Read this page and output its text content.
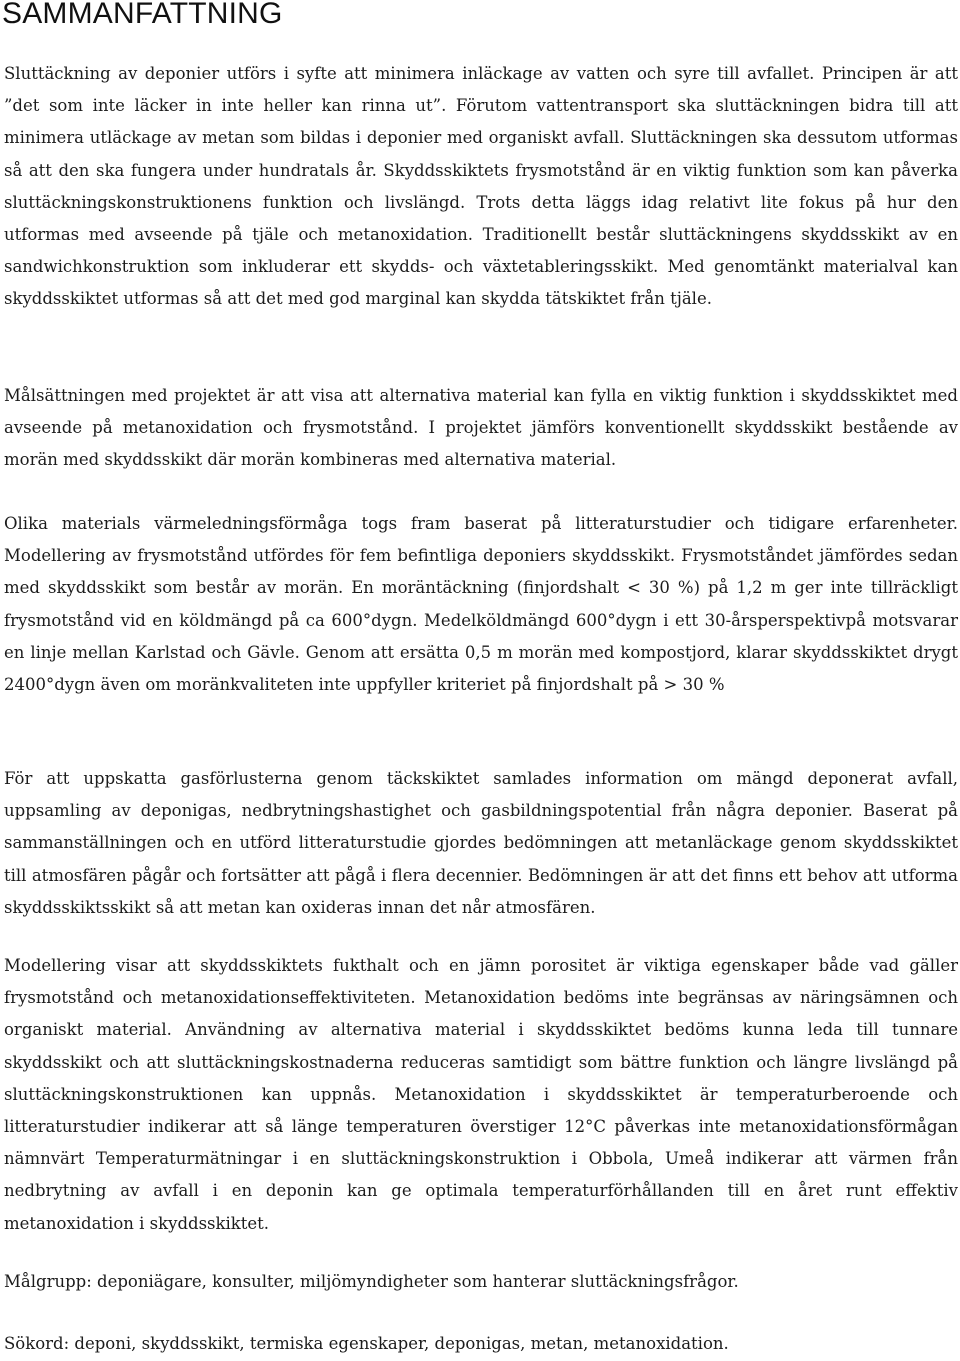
SAMMANFATTNING

Sluttäckning av deponier utförs i syfte att minimera inläckage av vatten och syre till avfallet. Principen är att ”det som inte läcker in inte heller kan rinna ut”. Förutom vattentransport ska sluttäckningen bidra till att minimera utläckage av metan som bildas i deponier med organiskt avfall. Sluttäckningen ska dessutom utformas så att den ska fungera under hundratals år. Skyddsskiktets frysmotstånd är en viktig funktion som kan påverka sluttäckningskonstruktionens funktion och livslängd. Trots detta läggs idag relativt lite fokus på hur den utformas med avseende på tjäle och metanoxidation. Traditionellt består sluttäckningens skyddsskikt av en sandwichkonstruktion som inkluderar ett skydds- och växtetableringsskikt. Med genomtänkt materialval kan skyddsskiktet utformas så att det med god marginal kan skydda tätskiktet från tjäle.

Målsättningen med projektet är att visa att alternativa material kan fylla en viktig funktion i skyddsskiktet med avseende på metanoxidation och frysmotstånd. I projektet jämförs konventionellt skyddsskikt bestående av morän med skyddsskikt där morän kombineras med alternativa material.

Olika materials värmeledningsförmåga togs fram baserat på litteraturstudier och tidigare erfarenheter. Modellering av frysmotstånd utfördes för fem befintliga deponiers skyddsskikt. Frysmotståndet jämfördes sedan med skyddsskikt som består av morän. En moräntäckning (finjordshalt < 30 %) på 1,2 m ger inte tillräckligt frysmotstånd vid en köldmängd på ca 600°dygn. Medelköldmängd 600°dygn i ett 30-årsperspektivpå motsvarar en linje mellan Karlstad och Gävle. Genom att ersätta 0,5 m morän med kompostjord, klarar skyddsskiktet drygt 2400°dygn även om moränkvaliteten inte uppfyller kriteriet på finjordshalt på > 30 %

För att uppskatta gasförlusterna genom täckskiktet samlades information om mängd deponerat avfall, uppsamling av deponigas, nedbrytningshastighet och gasbildningspotential från några deponier. Baserat på sammanställningen och en utförd litteraturstudie gjordes bedömningen att metanläckage genom skyddsskiktet till atmosfären pågår och fortsätter att pågå i flera decennier. Bedömningen är att det finns ett behov att utforma skyddsskiktsskikt så att metan kan oxideras innan det når atmosfären.

Modellering visar att skyddsskiktets fukthalt och en jämn porositet är viktiga egenskaper både vad gäller frysmotstånd och metanoxidationseffektiviteten. Metanoxidation bedöms inte begränsas av näringsämnen och organiskt material. Användning av alternativa material i skyddsskiktet bedöms kunna leda till tunnare skyddsskikt och att sluttäckningskostnaderna reduceras samtidigt som bättre funktion och längre livslängd på sluttäckningskonstruktionen kan uppnås. Metanoxidation i skyddsskiktet är temperaturberoende och litteraturstudier indikerar att så länge temperaturen överstiger 12°C påverkas inte metanoxidationsförmågan nämnvärt Temperaturmätningar i en sluttäckningskonstruktion i Obbola, Umeå indikerar att värmen från nedbrytning av avfall i en deponin kan ge optimala temperaturförhållanden till en året runt effektiv metanoxidation i skyddsskiktet.

Målgrupp: deponiägare, konsulter, miljömyndigheter som hanterar sluttäckningsfrågor.

Sökord: deponi, skyddsskikt, termiska egenskaper, deponigas, metan, metanoxidation.
